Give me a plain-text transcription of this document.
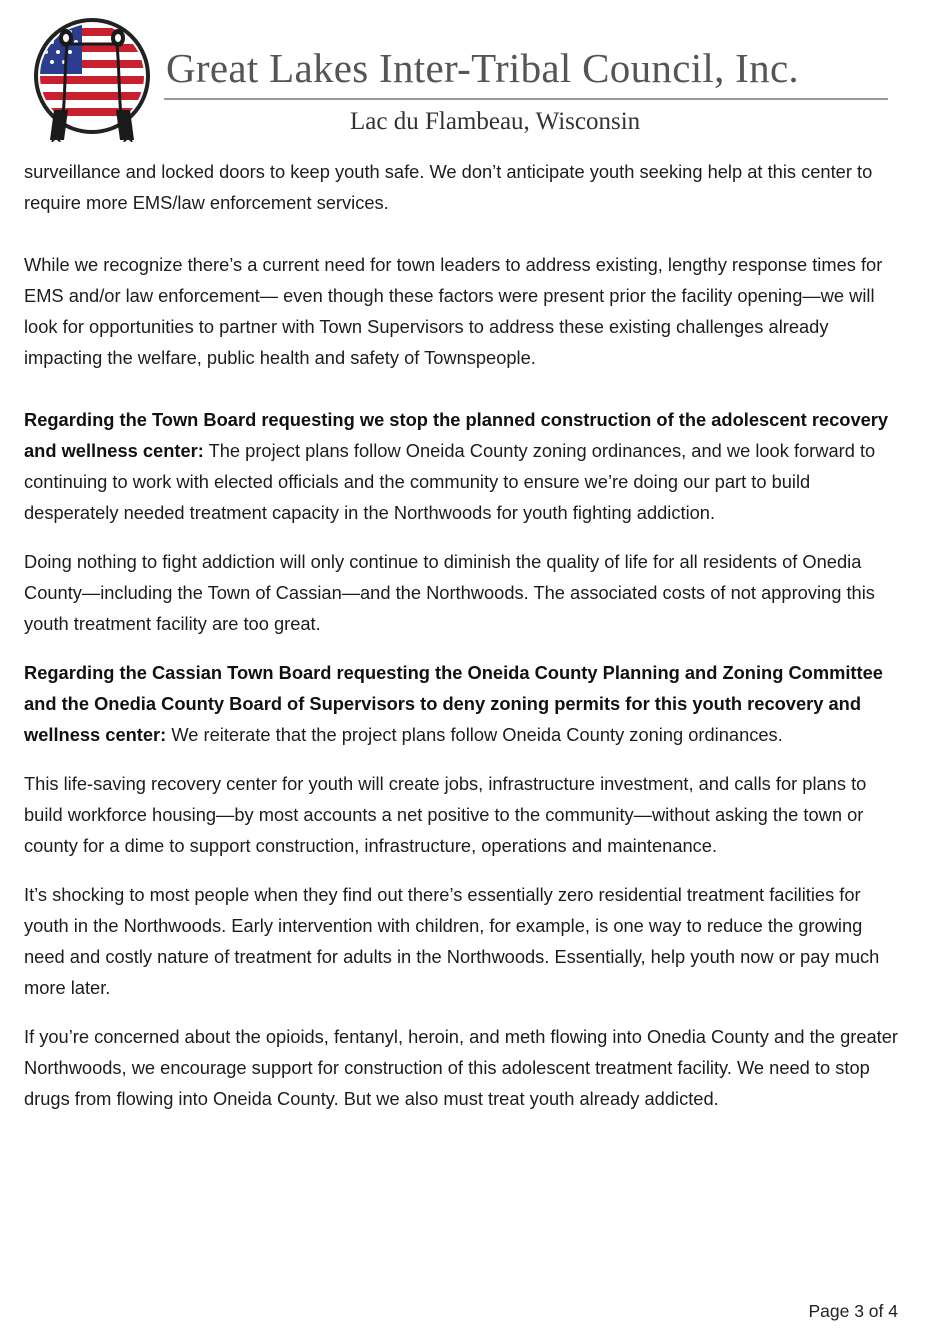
Great Lakes Inter-Tribal Council, Inc.
Lac du Flambeau, Wisconsin

surveillance and locked doors to keep youth safe. We don’t anticipate youth seeking help at this center to require more EMS/law enforcement services.

While we recognize there’s a current need for town leaders to address existing, lengthy response times for EMS and/or law enforcement— even though these factors were present prior the facility opening—we will look for opportunities to partner with Town Supervisors to address these existing challenges already impacting the welfare, public health and safety of Townspeople.

Regarding the Town Board requesting we stop the planned construction of the adolescent recovery and wellness center: The project plans follow Oneida County zoning ordinances, and we look forward to continuing to work with elected officials and the community to ensure we’re doing our part to build desperately needed treatment capacity in the Northwoods for youth fighting addiction.

Doing nothing to fight addiction will only continue to diminish the quality of life for all residents of Onedia County—including the Town of Cassian—and the Northwoods. The associated costs of not approving this youth treatment facility are too great.

Regarding the Cassian Town Board requesting the Oneida County Planning and Zoning Committee and the Onedia County Board of Supervisors to deny zoning permits for this youth recovery and wellness center: We reiterate that the project plans follow Oneida County zoning ordinances.

This life-saving recovery center for youth will create jobs, infrastructure investment, and calls for plans to build workforce housing—by most accounts a net positive to the community—without asking the town or county for a dime to support construction, infrastructure, operations and maintenance.

It’s shocking to most people when they find out there’s essentially zero residential treatment facilities for youth in the Northwoods. Early intervention with children, for example, is one way to reduce the growing need and costly nature of treatment for adults in the Northwoods. Essentially, help youth now or pay much more later.

If you’re concerned about the opioids, fentanyl, heroin, and meth flowing into Onedia County and the greater Northwoods, we encourage support for construction of this adolescent treatment facility. We need to stop drugs from flowing into Oneida County. But we also must treat youth already addicted.

Page 3 of 4
